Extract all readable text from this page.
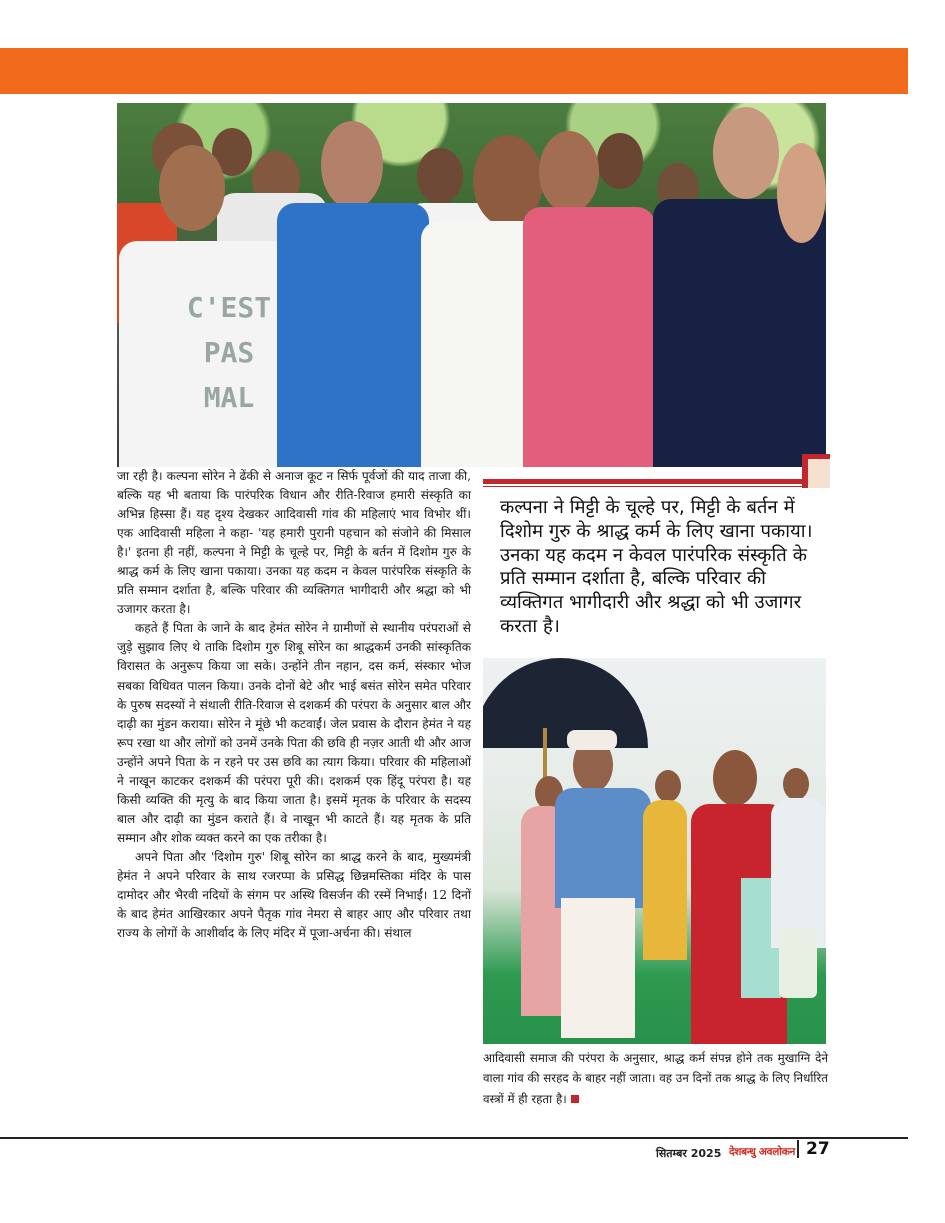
C'EST
PAS
MAL
कल्पना ने मिट्टी के चूल्हे पर, मिट्टी के बर्तन में दिशोम गुरु के श्राद्ध कर्म के लिए खाना पकाया। उनका यह कदम न केवल पारंपरिक संस्कृति के प्रति सम्मान दर्शाता है, बल्कि परिवार की व्यक्तिगत भागीदारी और श्रद्धा को भी उजागर करता है।

जा रही है। कल्पना सोरेन ने ढेंकी से अनाज कूट न सिर्फ पूर्वजों की याद ताजा की, बल्कि यह भी बताया कि पारंपरिक विधान और रीति-रिवाज हमारी संस्कृति का अभिन्न हिस्सा हैं। यह दृश्य देखकर आदिवासी गांव की महिलाएं भाव विभोर थीं। एक आदिवासी महिला ने कहा- 'यह हमारी पुरानी पहचान को संजोने की मिसाल है।' इतना ही नहीं, कल्पना ने मिट्टी के चूल्हे पर, मिट्टी के बर्तन में दिशोम गुरु के श्राद्ध कर्म के लिए खाना पकाया। उनका यह कदम न केवल पारंपरिक संस्कृति के प्रति सम्मान दर्शाता है, बल्कि परिवार की व्यक्तिगत भागीदारी और श्रद्धा को भी उजागर करता है।

कहते हैं पिता के जाने के बाद हेमंत सोरेन ने ग्रामीणों से स्थानीय परंपराओं से जुड़े सुझाव लिए थे ताकि दिशोम गुरु शिबू सोरेन का श्राद्धकर्म उनकी सांस्कृतिक विरासत के अनुरूप किया जा सके। उन्होंने तीन नहान, दस कर्म, संस्कार भोज सबका विधिवत पालन किया। उनके दोनों बेटे और भाई बसंत सोरेन समेत परिवार के पुरुष सदस्यों ने संथाली रीति-रिवाज से दशकर्म की परंपरा के अनुसार बाल और दाढ़ी का मुंडन कराया। सोरेन ने मूंछे भी कटवाईं। जेल प्रवास के दौरान हेमंत ने यह रूप रखा था और लोगों को उनमें उनके पिता की छवि ही नज़र आती थी और आज उन्होंने अपने पिता के न रहने पर उस छवि का त्याग किया। परिवार की महिलाओं ने नाखून काटकर दशकर्म की परंपरा पूरी की। दशकर्म एक हिंदू परंपरा है। यह किसी व्यक्ति की मृत्यु के बाद किया जाता है। इसमें मृतक के परिवार के सदस्य बाल और दाढ़ी का मुंडन कराते हैं। वे नाखून भी काटते हैं। यह मृतक के प्रति सम्मान और शोक व्यक्त करने का एक तरीका है।

अपने पिता और 'दिशोम गुरु' शिबू सोरेन का श्राद्ध करने के बाद, मुख्यमंत्री हेमंत ने अपने परिवार के साथ रजरप्पा के प्रसिद्ध छिन्नमस्तिका मंदिर के पास दामोदर और भैरवी नदियों के संगम पर अस्थि विसर्जन की रस्में निभाईं। 12 दिनों के बाद हेमंत आखिरकार अपने पैतृक गांव नेमरा से बाहर आए और परिवार तथा राज्य के लोगों के आशीर्वाद के लिए मंदिर में पूजा-अर्चना की। संथाल

आदिवासी समाज की परंपरा के अनुसार, श्राद्ध कर्म संपन्न होने तक मुखाग्नि देने वाला गांव की सरहद के बाहर नहीं जाता। वह उन दिनों तक श्राद्ध के लिए निर्धारित वस्त्रों में ही रहता है।
सितम्बर 2025 देशबन्धु अवलोकन 27
